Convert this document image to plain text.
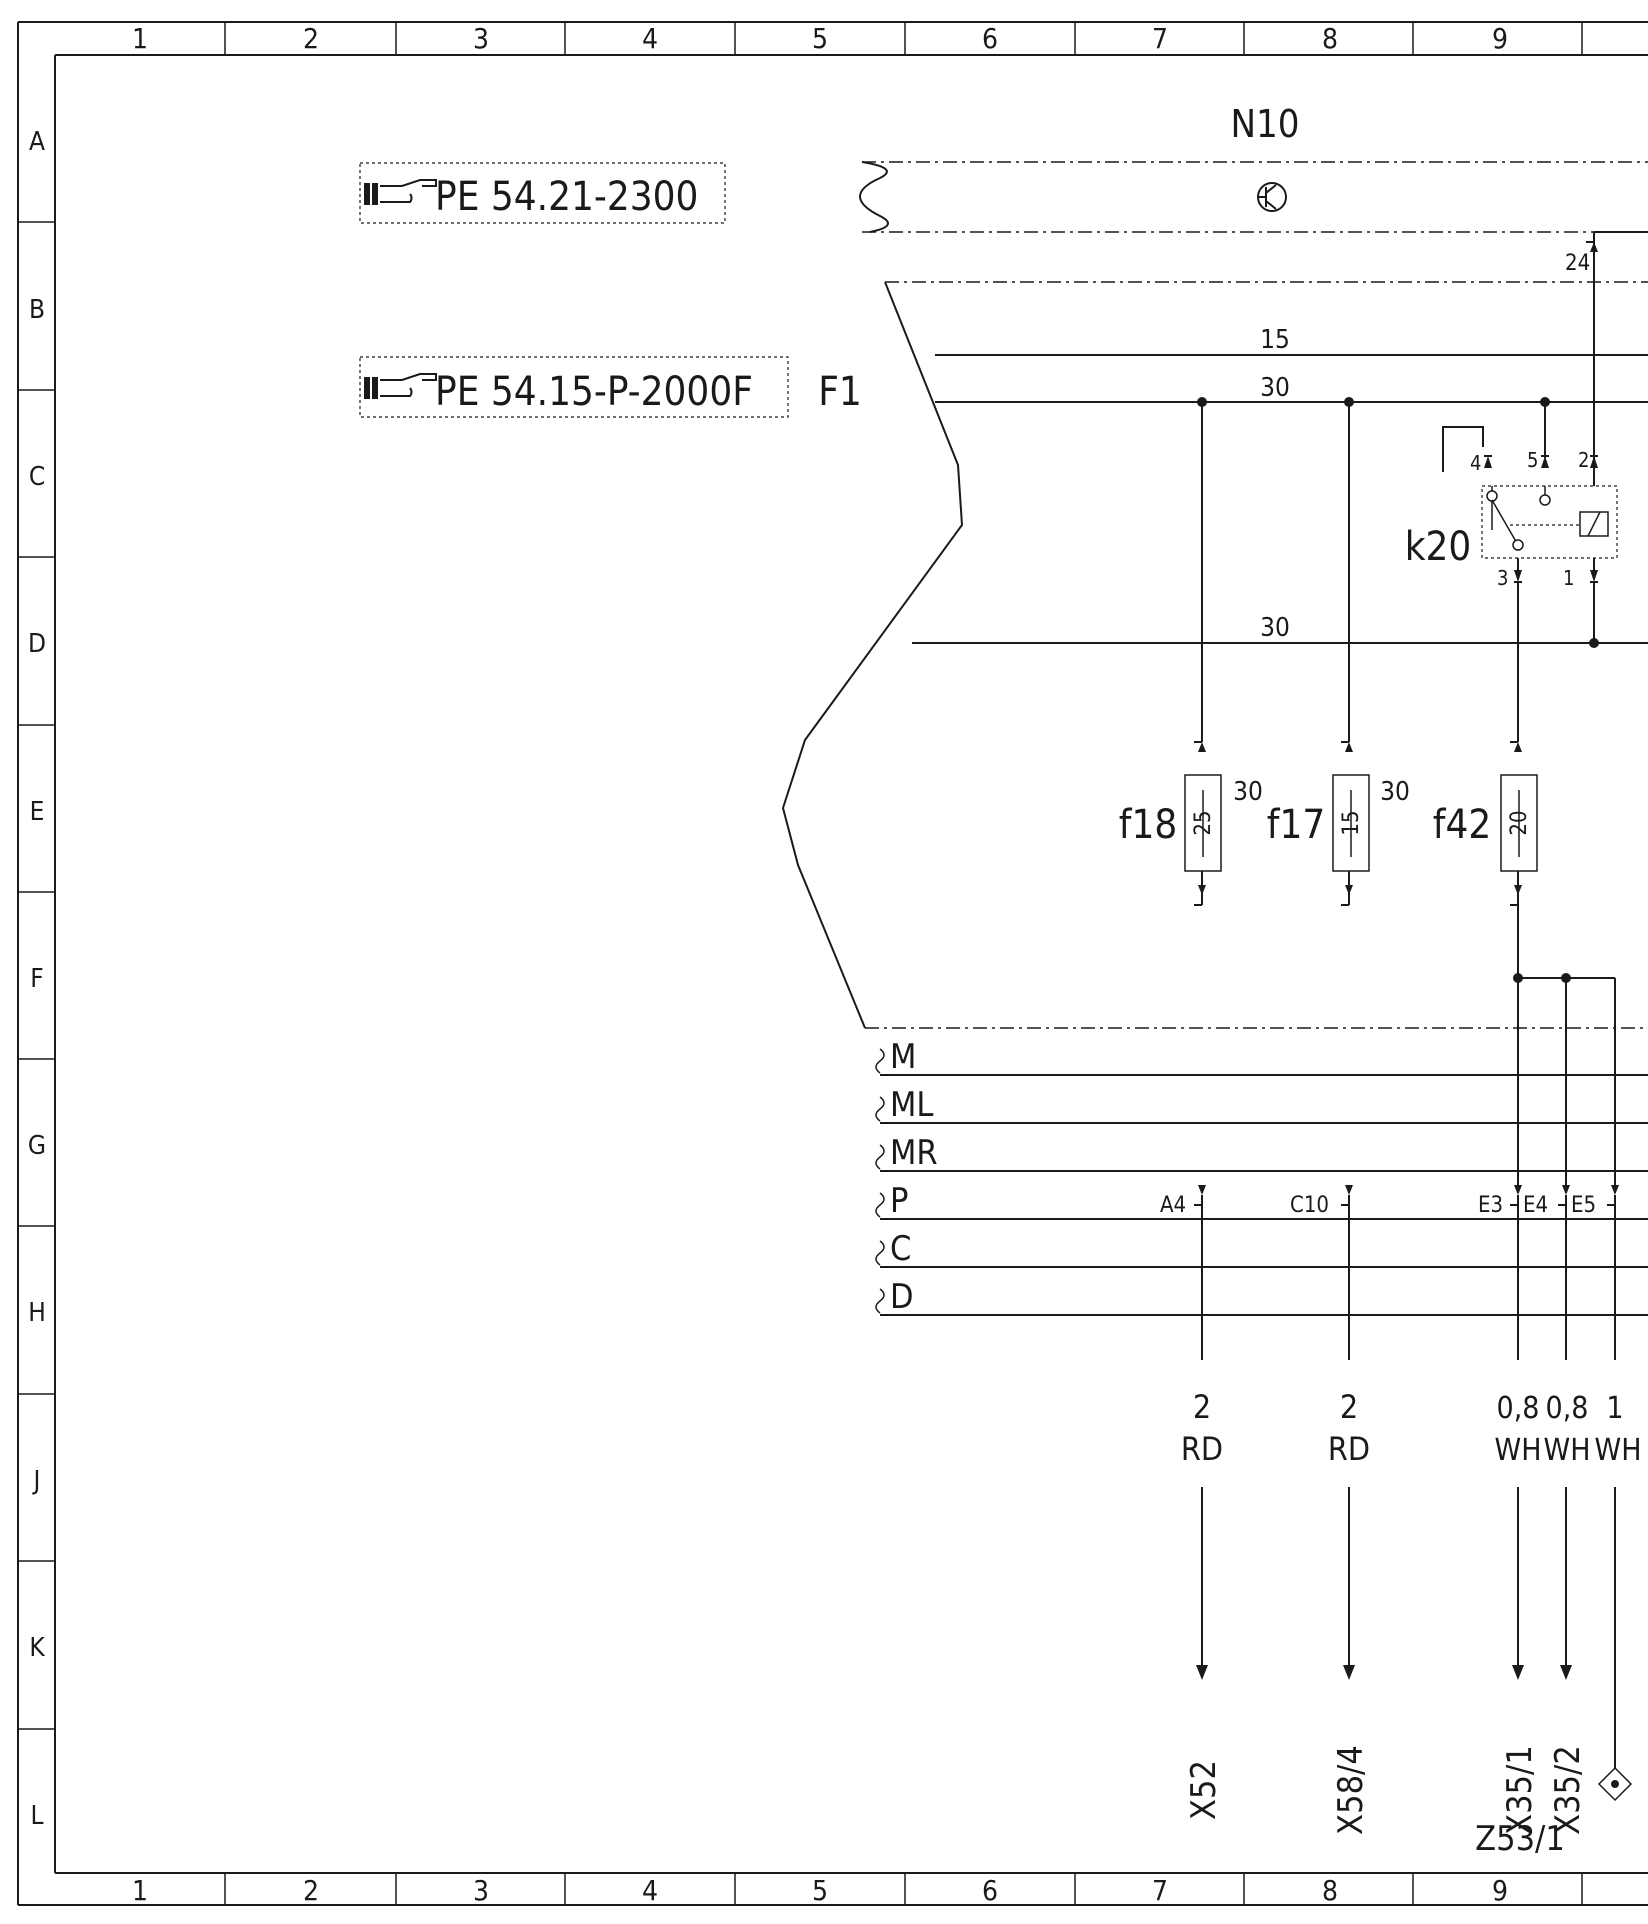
1	2	3	4	5	6	7	8	9
1	2	3	4	5	6	7	8	9
A
B
C
D
E
F
G
H
J
K
L
PE 54.21-2300
PE 54.15-P-2000F
N10
F1
15
30
30
24
4 5 2
3	1
k20
f18 25
30
f17 15
30
f42 20
M
ML
MR
P
C
D
A4	C10	E3 E4 E5
2
RD
X52
2
RD
X58/4
0,8
WH
X35/1
0,8
WH
X35/2
1
WH
Z53/1
